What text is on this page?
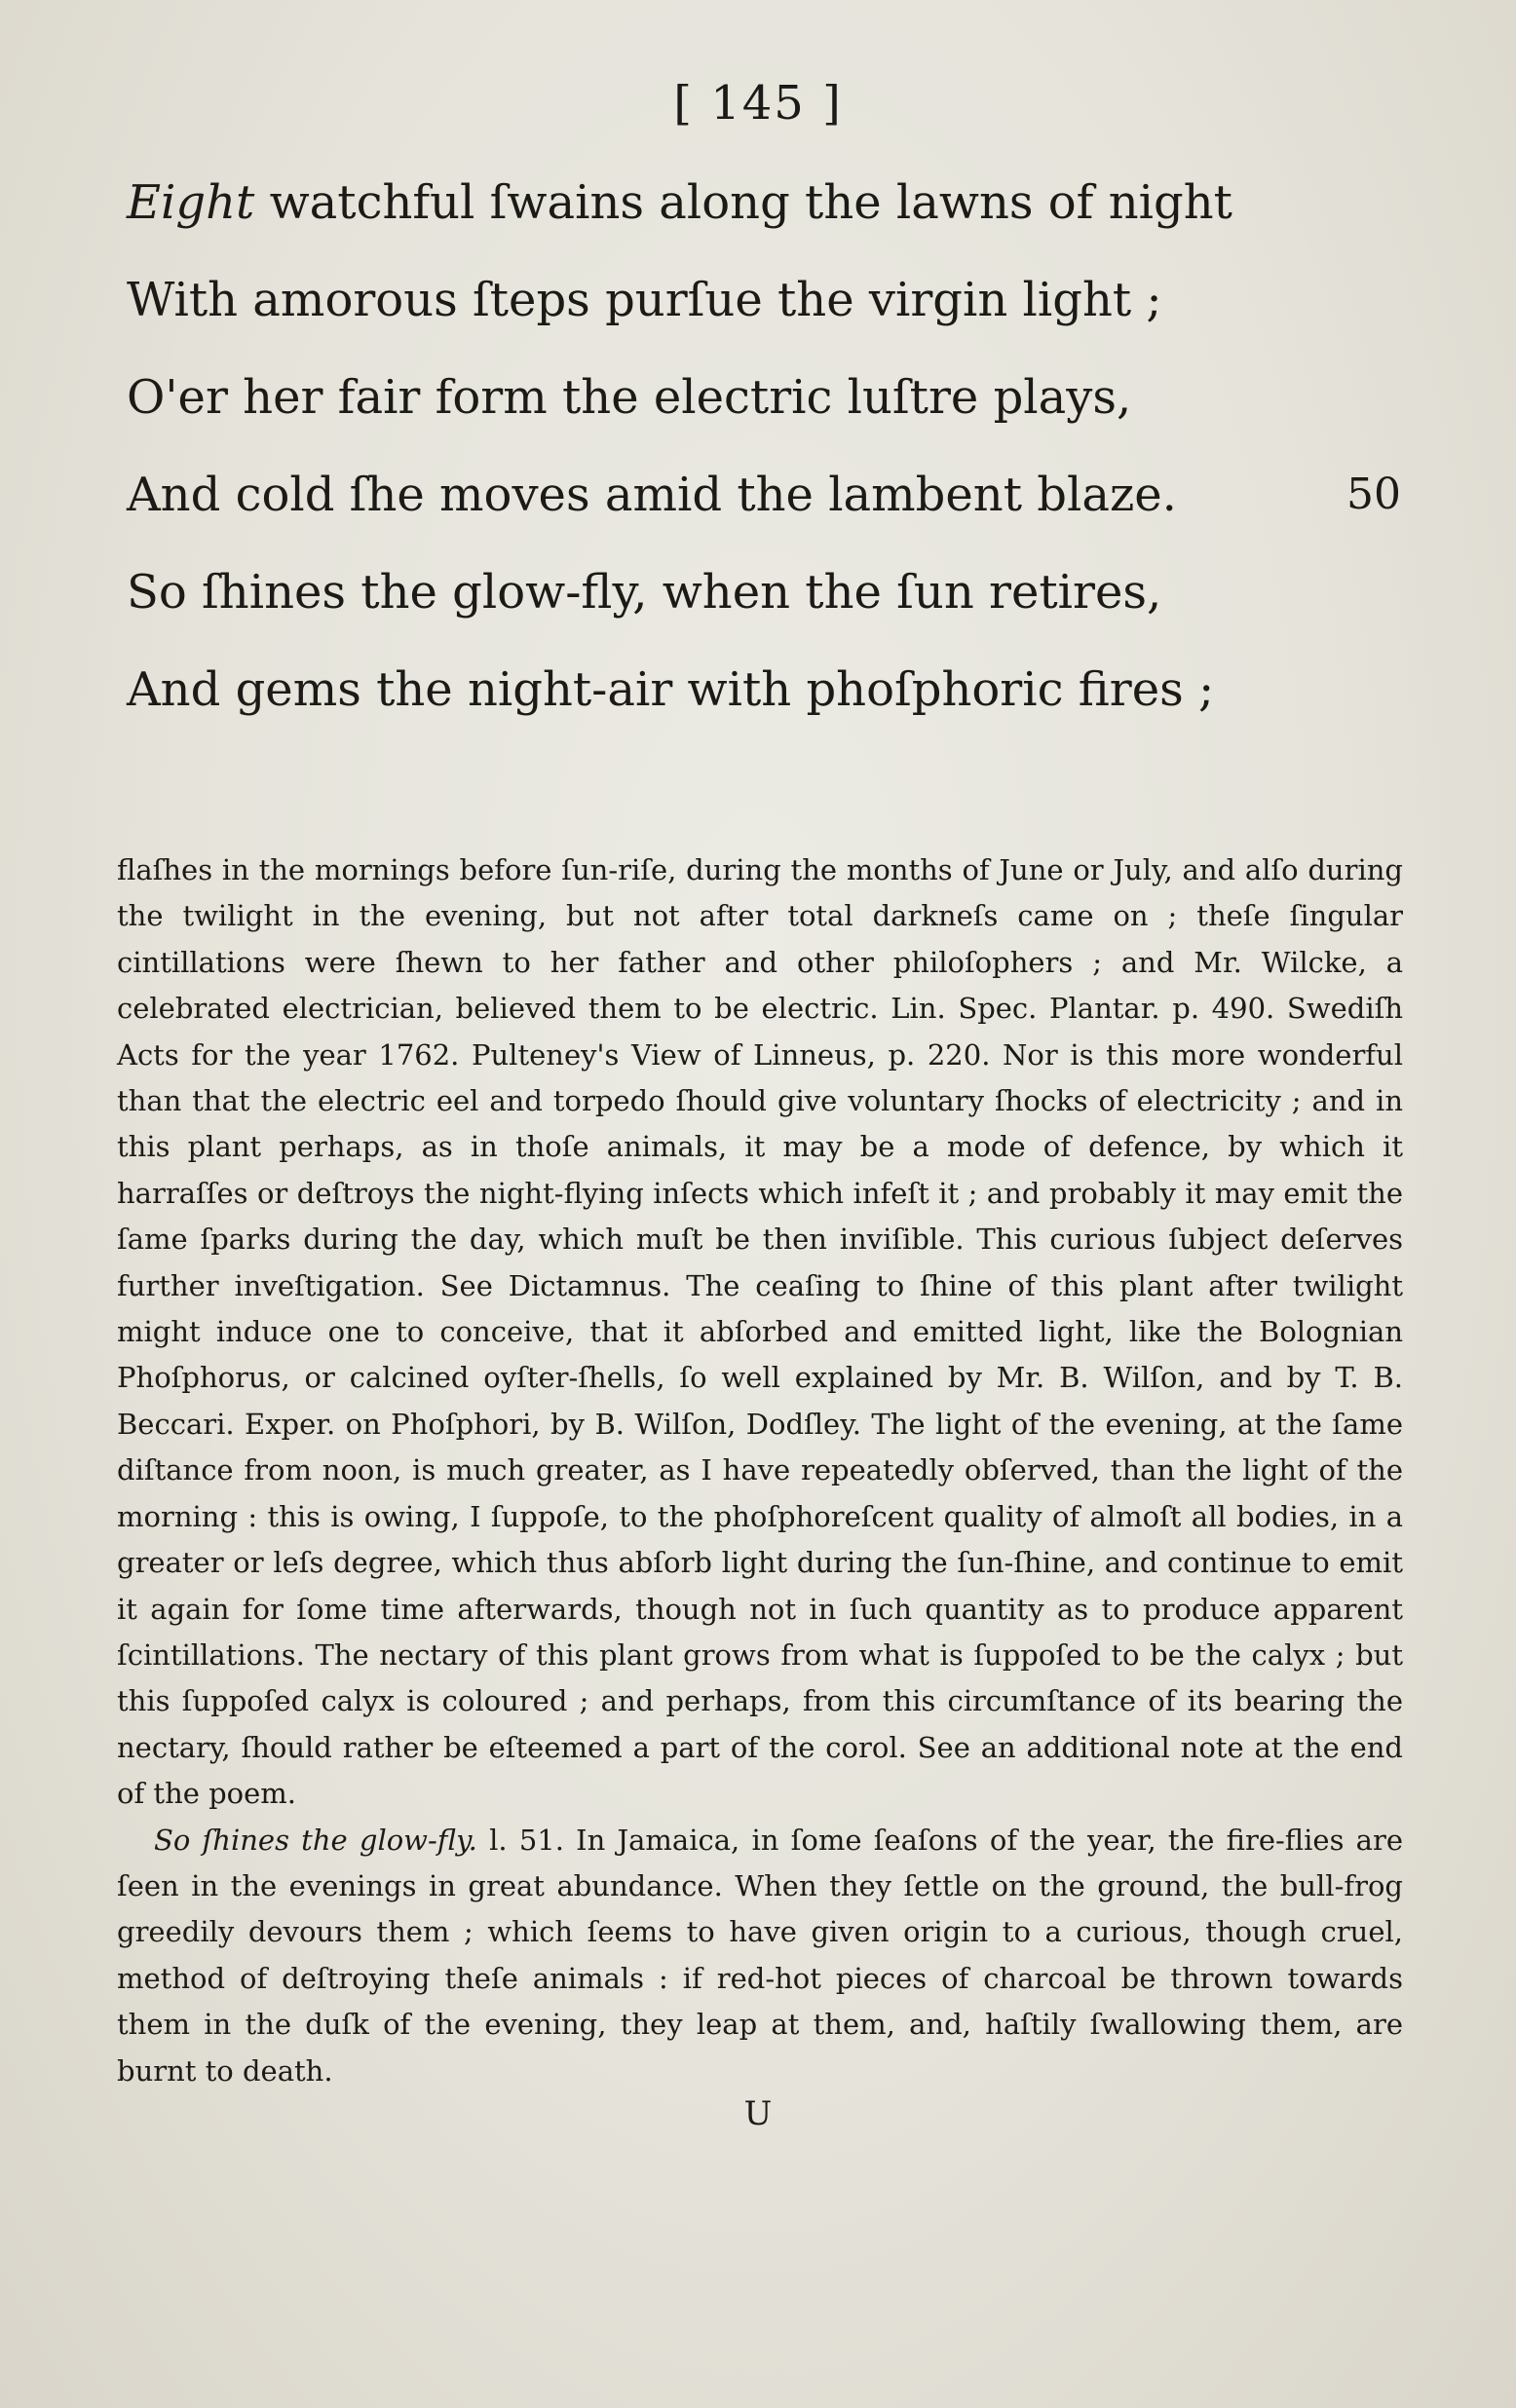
[ 145 ]
Eight watchful ſwains along the lawns of night
With amorous ſteps purſue the virgin light ;
O'er her fair form the electric luſtre plays,
And cold ſhe moves amid the lambent blaze.	50
So ſhines the glow-fly, when the ſun retires,
And gems the night-air with phoſphoric fires ;

flaſhes in the mornings before ſun-riſe, during the months of June or July, and alſo during the twilight in the evening, but not after total darkneſs came on ; theſe ſingular cintillations were ſhewn to her father and other philoſophers ; and Mr. Wilcke, a celebrated electrician, believed them to be electric. Lin. Spec. Plantar. p. 490. Swediſh Acts for the year 1762. Pulteney's View of Linneus, p. 220. Nor is this more wonderful than that the electric eel and torpedo ſhould give voluntary ſhocks of electricity ; and in this plant perhaps, as in thoſe animals, it may be a mode of defence, by which it harraſſes or deſtroys the night-flying inſects which infeſt it ; and probably it may emit the ſame ſparks during the day, which muſt be then inviſible. This curious ſubject deſerves further inveſtigation. See Dictamnus. The ceaſing to ſhine of this plant after twilight might induce one to conceive, that it abſorbed and emitted light, like the Bolognian Phoſphorus, or calcined oyſter-ſhells, ſo well explained by Mr. B. Wilſon, and by T. B. Beccari. Exper. on Phoſphori, by B. Wilſon, Dodſley. The light of the evening, at the ſame diſtance from noon, is much greater, as I have repeatedly obſerved, than the light of the morning : this is owing, I ſuppoſe, to the phoſphoreſcent quality of almoſt all bodies, in a greater or leſs degree, which thus abſorb light during the ſun-ſhine, and continue to emit it again for ſome time afterwards, though not in ſuch quantity as to produce apparent ſcintillations. The nectary of this plant grows from what is ſuppoſed to be the calyx ; but this ſuppoſed calyx is coloured ; and perhaps, from this circumſtance of its bearing the nectary, ſhould rather be eſteemed a part of the corol. See an additional note at the end of the poem.

So ſhines the glow-fly. l. 51. In Jamaica, in ſome ſeaſons of the year, the fire-flies are ſeen in the evenings in great abundance. When they ſettle on the ground, the bull-frog greedily devours them ; which ſeems to have given origin to a curious, though cruel, method of deſtroying theſe animals : if red-hot pieces of charcoal be thrown towards them in the duſk of the evening, they leap at them, and, haſtily ſwallowing them, are burnt to death.

U
